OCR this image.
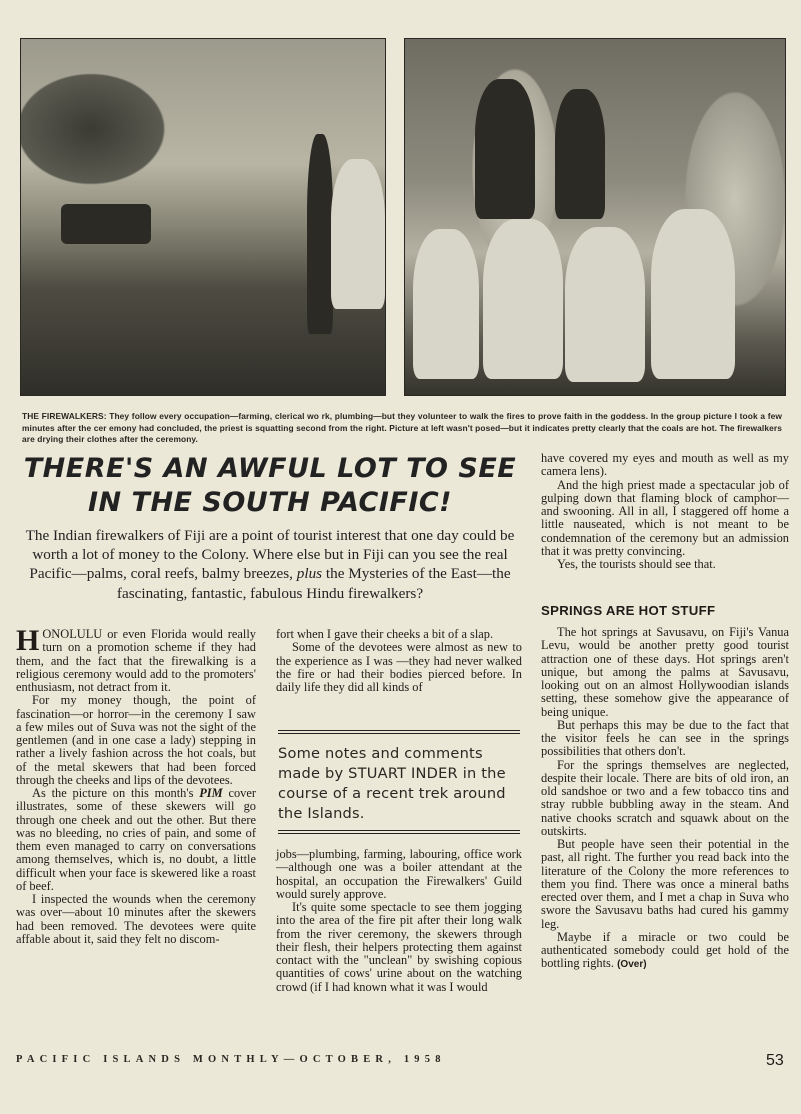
THE FIREWALKERS: They follow every occupation—farming, clerical wo rk, plumbing—but they volunteer to walk the fires to prove faith in the goddess. In the group picture I took a few minutes after the cer emony had concluded, the priest is squatting second from the right. Picture at left wasn't posed—but it indicates pretty clearly that the coals are hot. The firewalkers are drying their clothes after the ceremony.

THERE'S AN AWFUL LOT TO SEE
IN THE SOUTH PACIFIC!

The Indian firewalkers of Fiji are a point of tourist interest that one day could be worth a lot of money to the Colony. Where else but in Fiji can you see the real Pacific—palms, coral reefs, balmy breezes, plus the Mysteries of the East—the fascinating, fantastic, fabulous Hindu firewalkers?

HONOLULU or even Florida would really turn on a promotion scheme if they had them, and the fact that the firewalking is a religious ceremony would add to the promoters' enthusiasm, not detract from it.

For my money though, the point of fascination—or horror—in the ceremony I saw a few miles out of Suva was not the sight of the gentlemen (and in one case a lady) stepping in rather a lively fashion across the hot coals, but of the metal skewers that had been forced through the cheeks and lips of the devotees.

As the picture on this month's PIM cover illustrates, some of these skewers will go through one cheek and out the other. But there was no bleeding, no cries of pain, and some of them even managed to carry on conversations among themselves, which is, no doubt, a little difficult when your face is skewered like a roast of beef.

I inspected the wounds when the ceremony was over—about 10 minutes after the skewers had been removed. The devotees were quite affable about it, said they felt no discom-

fort when I gave their cheeks a bit of a slap.

Some of the devotees were almost as new to the experience as I was —they had never walked the fire or had their bodies pierced before. In daily life they did all kinds of

Some notes and comments made by STUART INDER in the course of a recent trek around the Islands.

jobs—plumbing, farming, labouring, office work—although one was a boiler attendant at the hospital, an occupation the Firewalkers' Guild would surely approve.

It's quite some spectacle to see them jogging into the area of the fire pit after their long walk from the river ceremony, the skewers through their flesh, their helpers protecting them against contact with the "unclean" by swishing copious quantities of cows' urine about on the watching crowd (if I had known what it was I would

have covered my eyes and mouth as well as my camera lens).

And the high priest made a spectacular job of gulping down that flaming block of camphor—and swooning. All in all, I staggered off home a little nauseated, which is not meant to be condemnation of the ceremony but an admission that it was pretty convincing.

Yes, the tourists should see that.

SPRINGS ARE HOT STUFF

The hot springs at Savusavu, on Fiji's Vanua Levu, would be another pretty good tourist attraction one of these days. Hot springs aren't unique, but among the palms at Savusavu, looking out on an almost Hollywoodian islands setting, these somehow give the appearance of being unique.

But perhaps this may be due to the fact that the visitor feels he can see in the springs possibilities that others don't.

For the springs themselves are neglected, despite their locale. There are bits of old iron, an old sandshoe or two and a few tobacco tins and stray rubble bubbling away in the steam. And native chooks scratch and squawk about on the outskirts.

But people have seen their potential in the past, all right. The further you read back into the literature of the Colony the more references to them you find. There was once a mineral baths erected over them, and I met a chap in Suva who swore the Savusavu baths had cured his gammy leg.

Maybe if a miracle or two could be authenticated somebody could get hold of the bottling rights. (Over)

PACIFIC ISLANDS MONTHLY—OCTOBER, 1958	53
